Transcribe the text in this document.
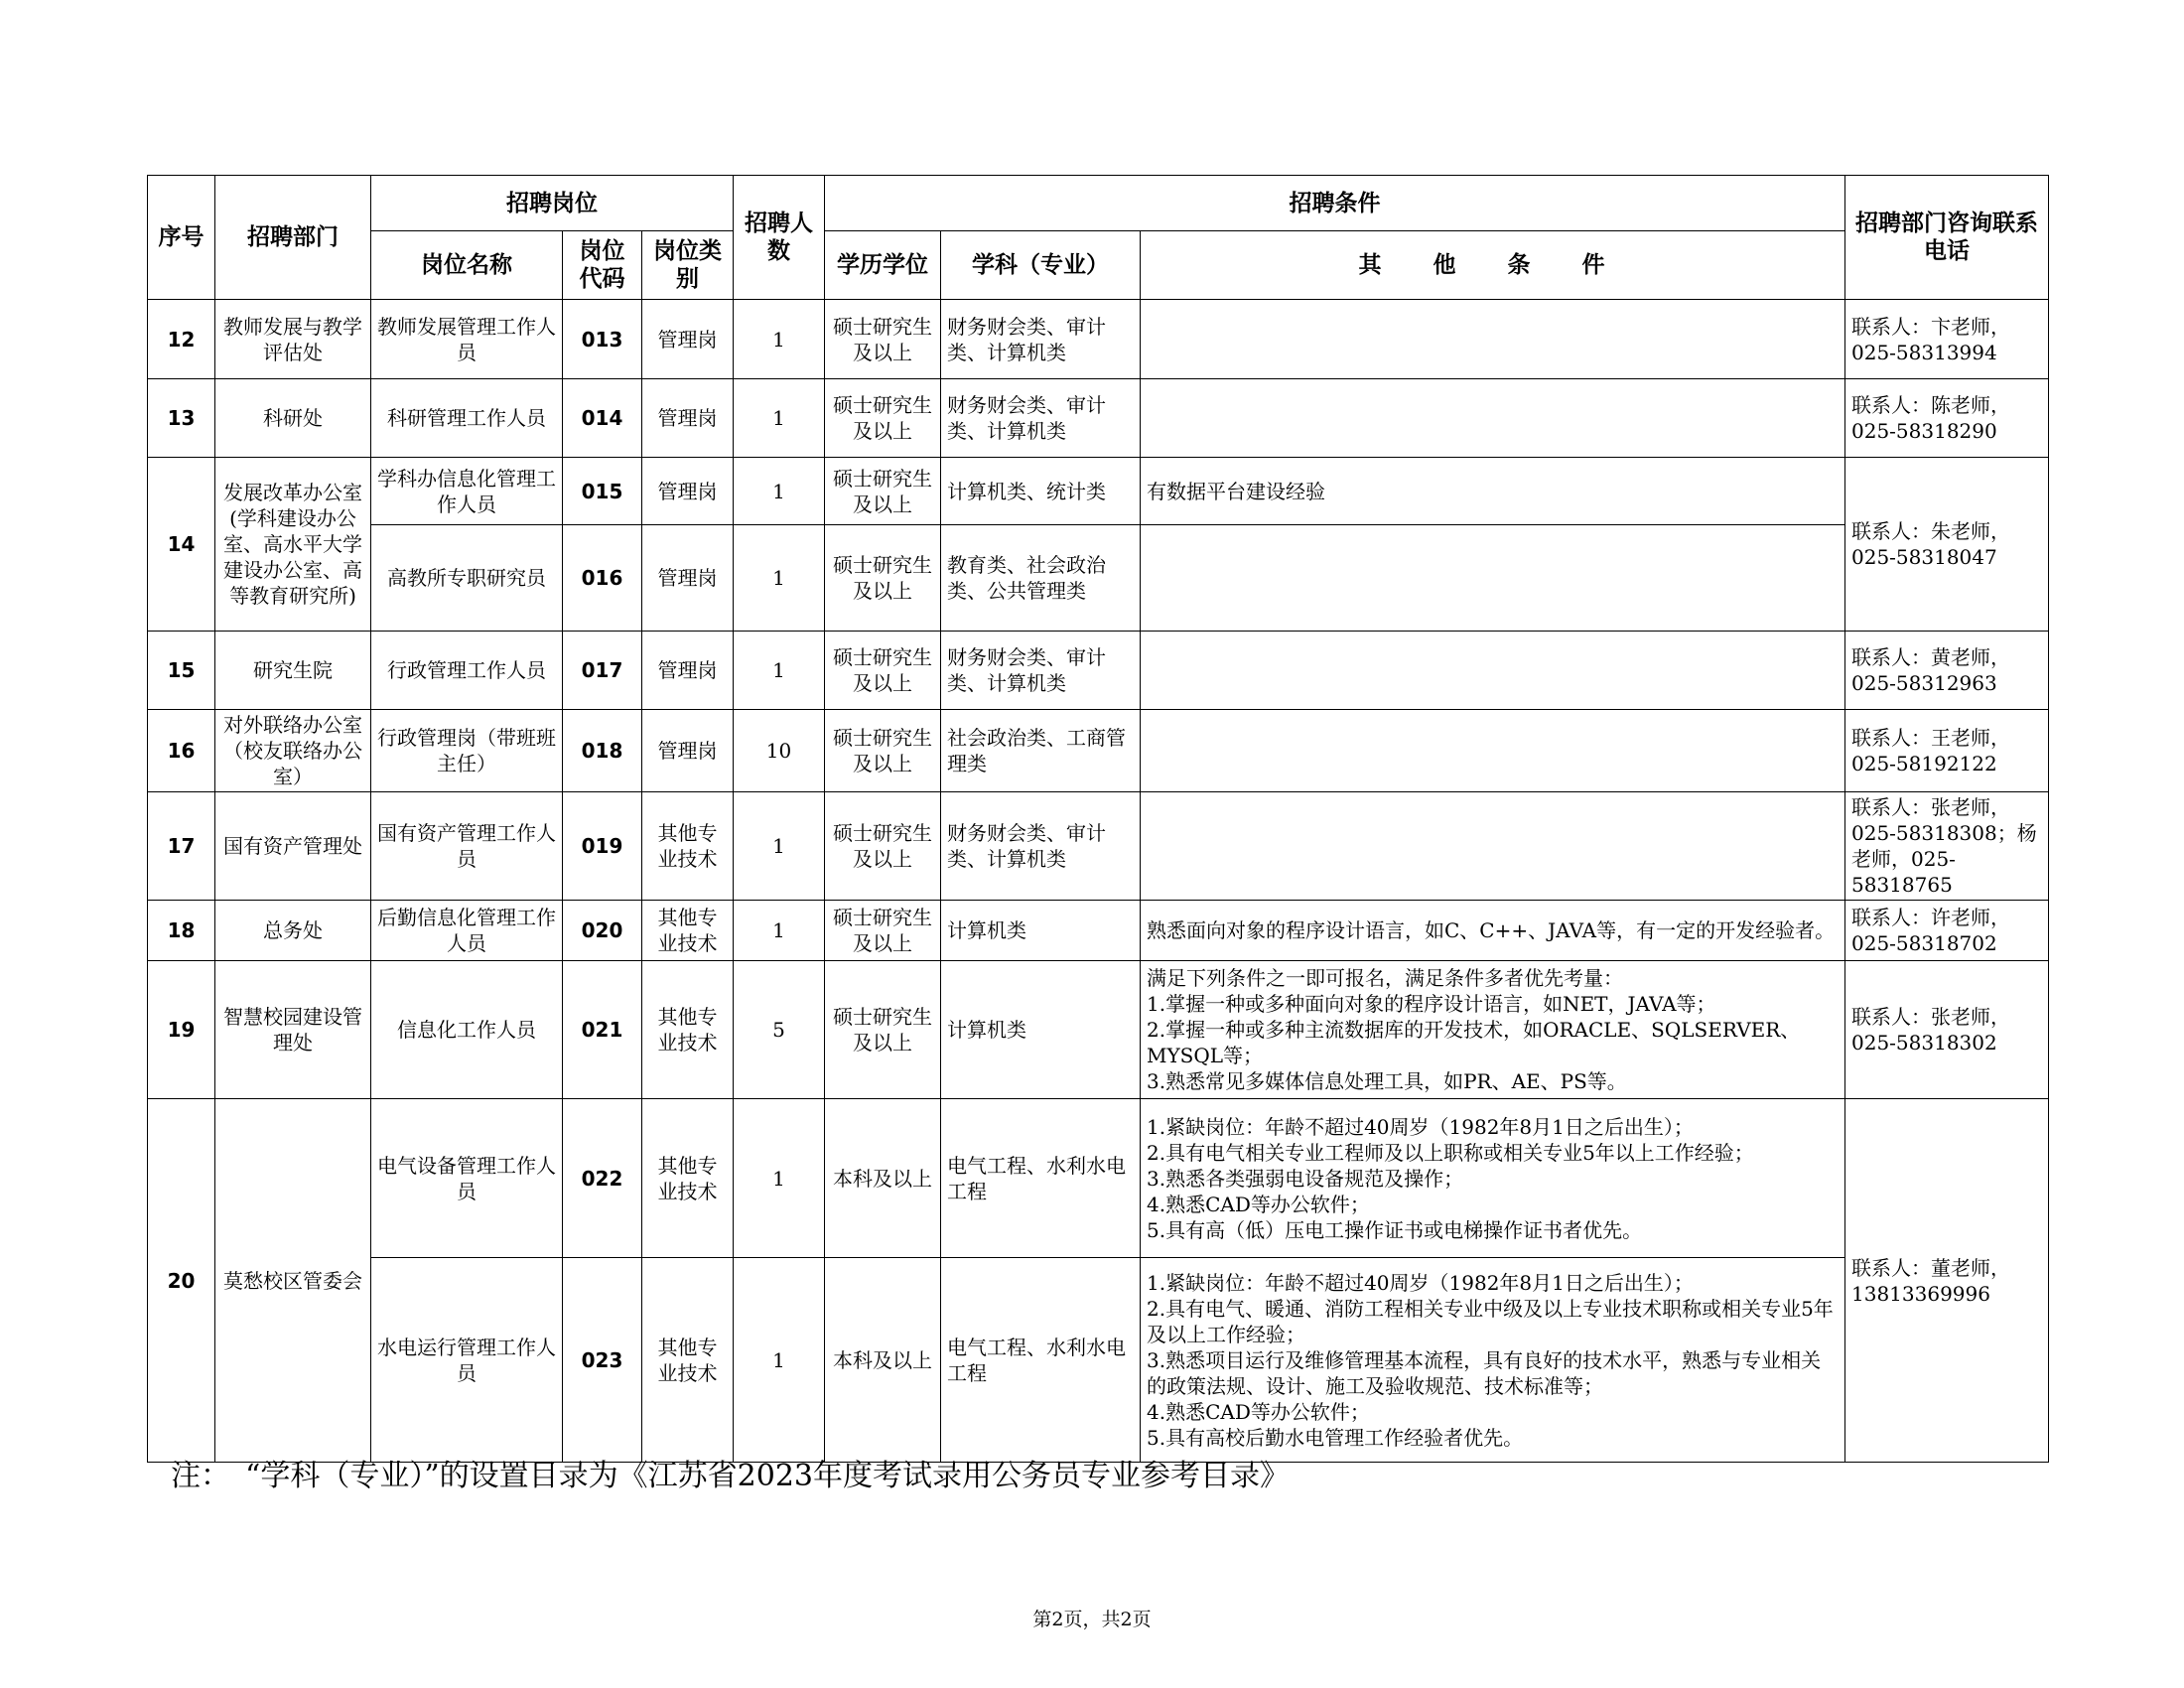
序号	招聘部门	招聘岗位			招聘人数	招聘条件			招聘部门咨询联系电话
		岗位名称	岗位代码	岗位类别		学历学位	学科（专业）	其 他 条 件	
12	教师发展与教学评估处	教师发展管理工作人员	013	管理岗	1	硕士研究生及以上	财务财会类、审计类、计算机类		联系人：卞老师，025-58313994
13	科研处	科研管理工作人员	014	管理岗	1	硕士研究生及以上	财务财会类、审计类、计算机类		联系人：陈老师，025-58318290
14	发展改革办公室(学科建设办公室、高水平大学建设办公室、高等教育研究所)	学科办信息化管理工作人员	015	管理岗	1	硕士研究生及以上	计算机类、统计类	有数据平台建设经验	联系人：朱老师，025-58318047
		高教所专职研究员	016	管理岗	1	硕士研究生及以上	教育类、社会政治类、公共管理类		
15	研究生院	行政管理工作人员	017	管理岗	1	硕士研究生及以上	财务财会类、审计类、计算机类		联系人：黄老师，025-58312963
16	对外联络办公室（校友联络办公室）	行政管理岗（带班班主任）	018	管理岗	10	硕士研究生及以上	社会政治类、工商管理类		联系人：王老师，025-58192122
17	国有资产管理处	国有资产管理工作人员	019	其他专业技术	1	硕士研究生及以上	财务财会类、审计类、计算机类		联系人：张老师，025-58318308；杨老师，025-58318765
18	总务处	后勤信息化管理工作人员	020	其他专业技术	1	硕士研究生及以上	计算机类	熟悉面向对象的程序设计语言，如C、C++、JAVA等，有一定的开发经验者。	联系人：许老师，025-58318702
19	智慧校园建设管理处	信息化工作人员	021	其他专业技术	5	硕士研究生及以上	计算机类	满足下列条件之一即可报名，满足条件多者优先考量：
1.掌握一种或多种面向对象的程序设计语言，如NET，JAVA等；
2.掌握一种或多种主流数据库的开发技术，如ORACLE、SQLSERVER、MYSQL等；
3.熟悉常见多媒体信息处理工具，如PR、AE、PS等。	联系人：张老师，025-58318302
20	莫愁校区管委会	电气设备管理工作人员	022	其他专业技术	1	本科及以上	电气工程、水利水电工程	1.紧缺岗位：年龄不超过40周岁（1982年8月1日之后出生）；
2.具有电气相关专业工程师及以上职称或相关专业5年以上工作经验；
3.熟悉各类强弱电设备规范及操作；
4.熟悉CAD等办公软件；
5.具有高（低）压电工操作证书或电梯操作证书者优先。	联系人：董老师，13813369996
		水电运行管理工作人员	023	其他专业技术	1	本科及以上	电气工程、水利水电工程	1.紧缺岗位：年龄不超过40周岁（1982年8月1日之后出生）；
2.具有电气、暖通、消防工程相关专业中级及以上专业技术职称或相关专业5年及以上工作经验；
3.熟悉项目运行及维修管理基本流程，具有良好的技术水平，熟悉与专业相关的政策法规、设计、施工及验收规范、技术标准等；
4.熟悉CAD等办公软件；
5.具有高校后勤水电管理工作经验者优先。	
注：　“学科（专业）”的设置目录为《江苏省2023年度考试录用公务员专业参考目录》
第2页，共2页
